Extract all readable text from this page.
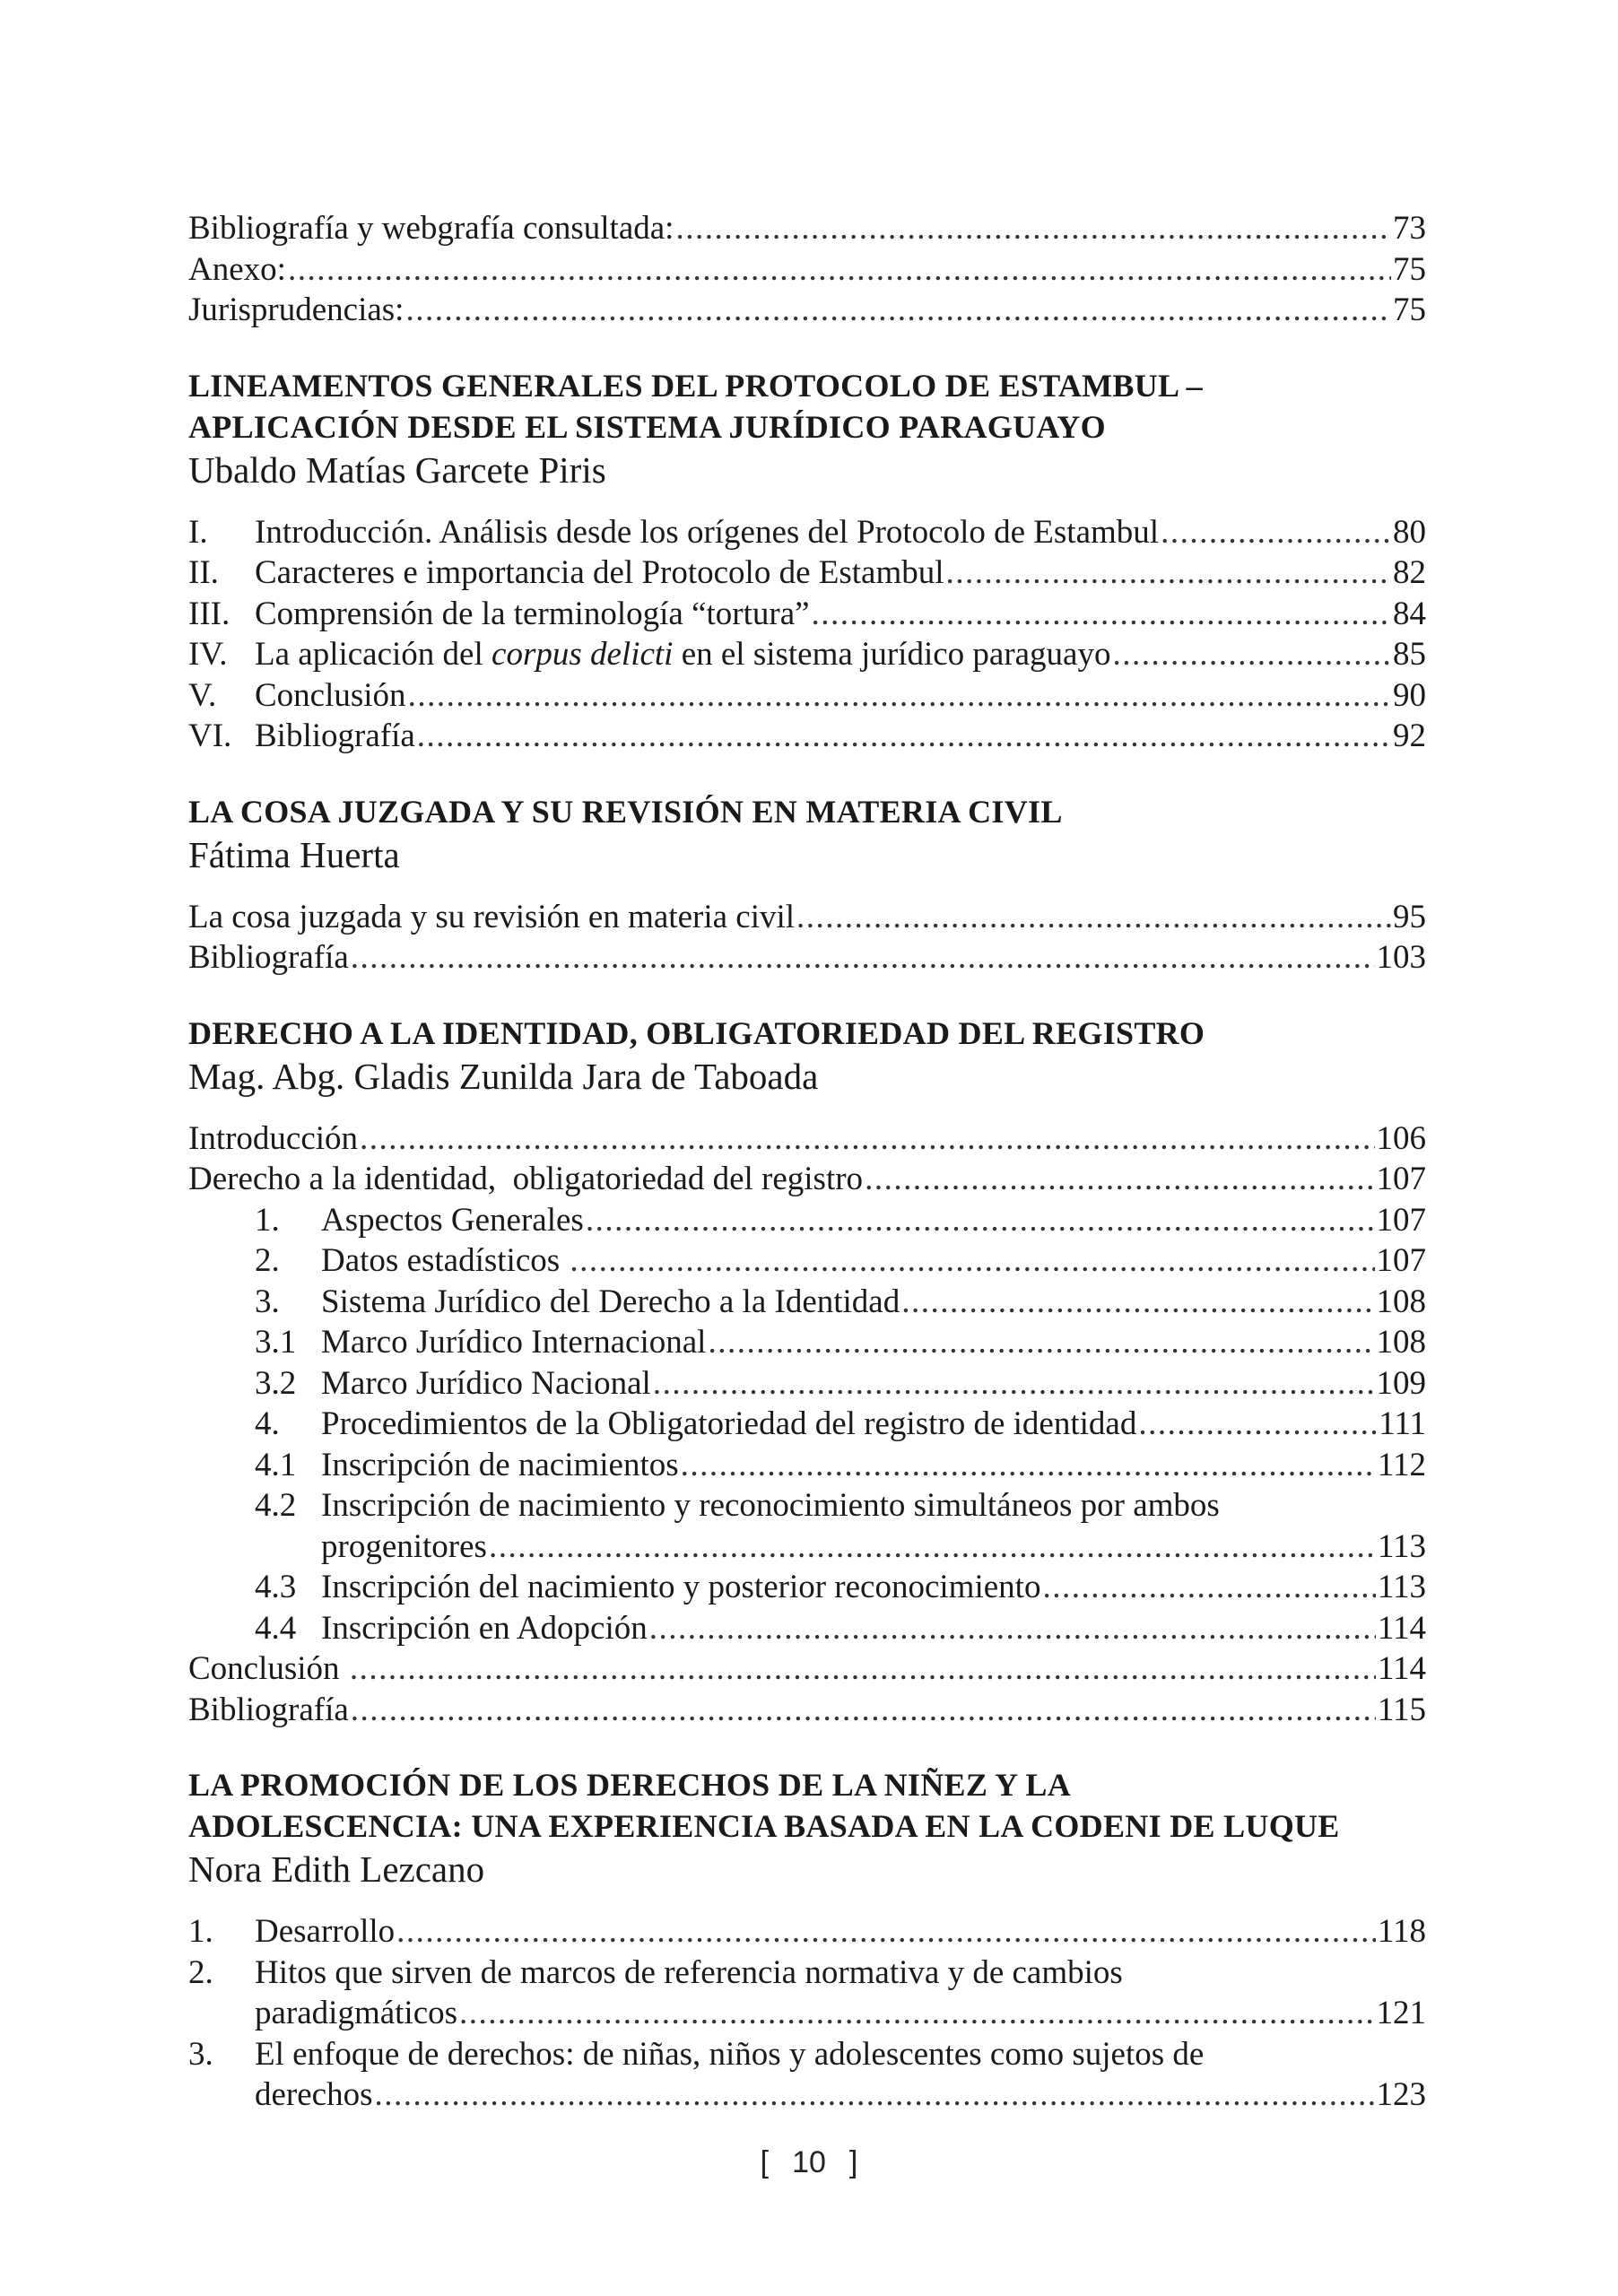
Bibliografía y webgrafía consultada: .....	73
Anexo: .....	75
Jurisprudencias: .....	75

LINEAMENTOS GENERALES DEL PROTOCOLO DE ESTAMBUL –
APLICACIÓN DESDE EL SISTEMA JURÍDICO PARAGUAYO

Ubaldo Matías Garcete Piris

I.	Introducción. Análisis desde los orígenes del Protocolo de Estambul .....	80
II.	Caracteres e importancia del Protocolo de Estambul .....	82
III. Comprensión de la terminología “tortura” .....	84
IV. La aplicación del corpus delicti en el sistema jurídico paraguayo .....	85
V.	Conclusión .....	90
VI. Bibliografía .....	92

LA COSA JUZGADA Y SU REVISIÓN EN MATERIA CIVIL

Fátima Huerta

La cosa juzgada y su revisión en materia civil .....	95
Bibliografía .....	103

DERECHO A LA IDENTIDAD, OBLIGATORIEDAD DEL REGISTRO

Mag. Abg. Gladis Zunilda Jara de Taboada

Introducción .....	106
Derecho a la identidad,  obligatoriedad del registro .....	107
1.	Aspectos Generales .....	107
2.	Datos estadísticos .....	107
3.	Sistema Jurídico del Derecho a la Identidad .....	108
3.1 Marco Jurídico Internacional .....	108
3.2 Marco Jurídico Nacional .....	109
4.	Procedimientos de la Obligatoriedad del registro de identidad .....	111
4.1 Inscripción de nacimientos .....	112
4.2 Inscripción de nacimiento y reconocimiento simultáneos por ambos
progenitores .....	113
4.3 Inscripción del nacimiento y posterior reconocimiento .....	113
4.4 Inscripción en Adopción .....	114
Conclusión .....	114
Bibliografía .....	115

LA PROMOCIÓN DE LOS DERECHOS DE LA NIÑEZ Y LA
ADOLESCENCIA: UNA EXPERIENCIA BASADA EN LA CODENI DE LUQUE

Nora Edith Lezcano

1.	Desarrollo .....	118
2. Hitos que sirven de marcos de referencia normativa y de cambios
paradigmáticos .....	121
3. El enfoque de derechos: de niñas, niños y adolescentes como sujetos de
derechos .....	123
[ 10 ]
